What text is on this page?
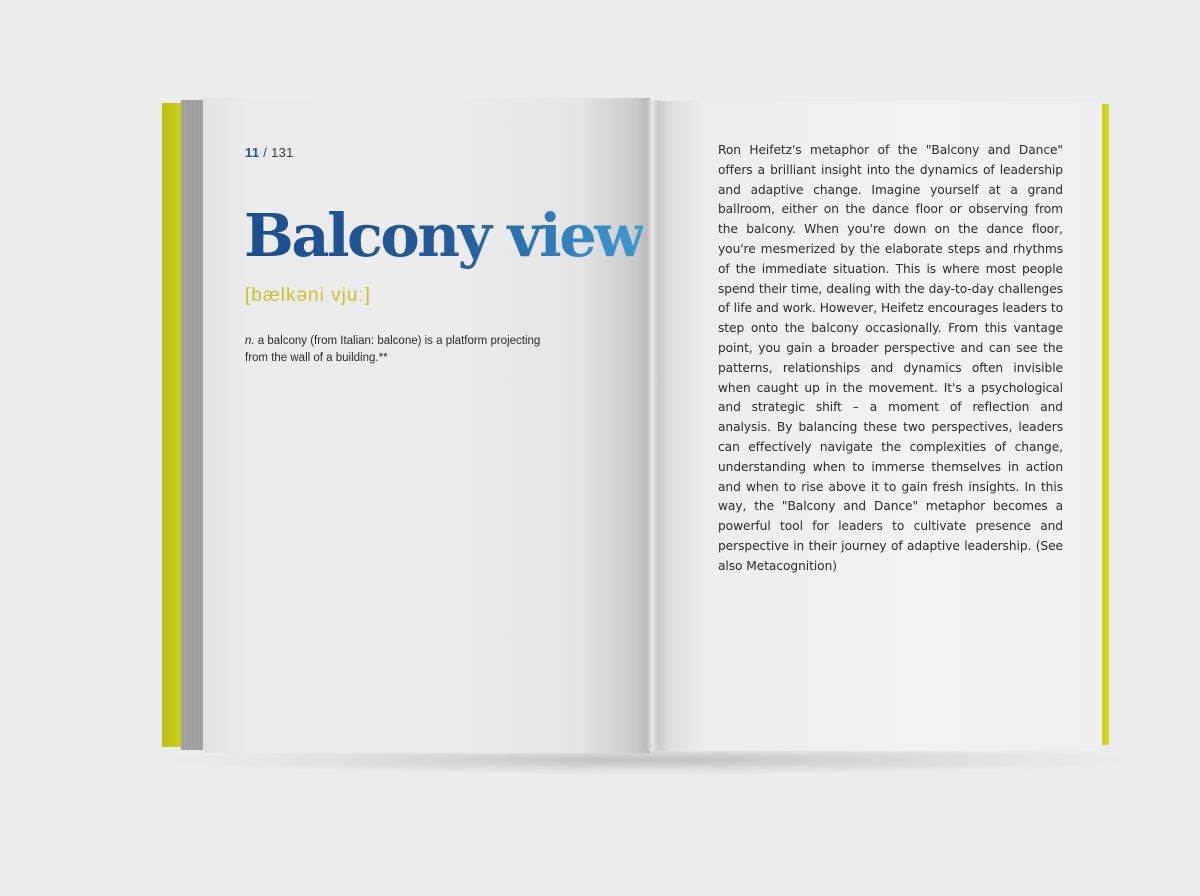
11 / 131
Balcony view
[bælkəni vjuː]
n. a balcony (from Italian: balcone) is a platform projecting from the wall of a building.**
Ron Heifetz's metaphor of the "Balcony and Dance" offers a brilliant insight into the dynamics of leadership and adaptive change. Imagine yourself at a grand ballroom, either on the dance floor or observing from the balcony. When you're down on the dance floor, you're mesmerized by the elaborate steps and rhythms of the immediate situation. This is where most people spend their time, dealing with the day-to-day challenges of life and work. However, Heifetz encourages leaders to step onto the balcony occasionally. From this vantage point, you gain a broader perspective and can see the patterns, relationships and dynamics often invisible when caught up in the movement. It's a psychological and strategic shift – a moment of reflection and analysis. By balancing these two perspectives, leaders can effectively navigate the complexities of change, understanding when to immerse themselves in action and when to rise above it to gain fresh insights. In this way, the "Balcony and Dance" metaphor becomes a powerful tool for leaders to cultivate presence and perspective in their journey of adaptive leadership. (See also Metacognition)
